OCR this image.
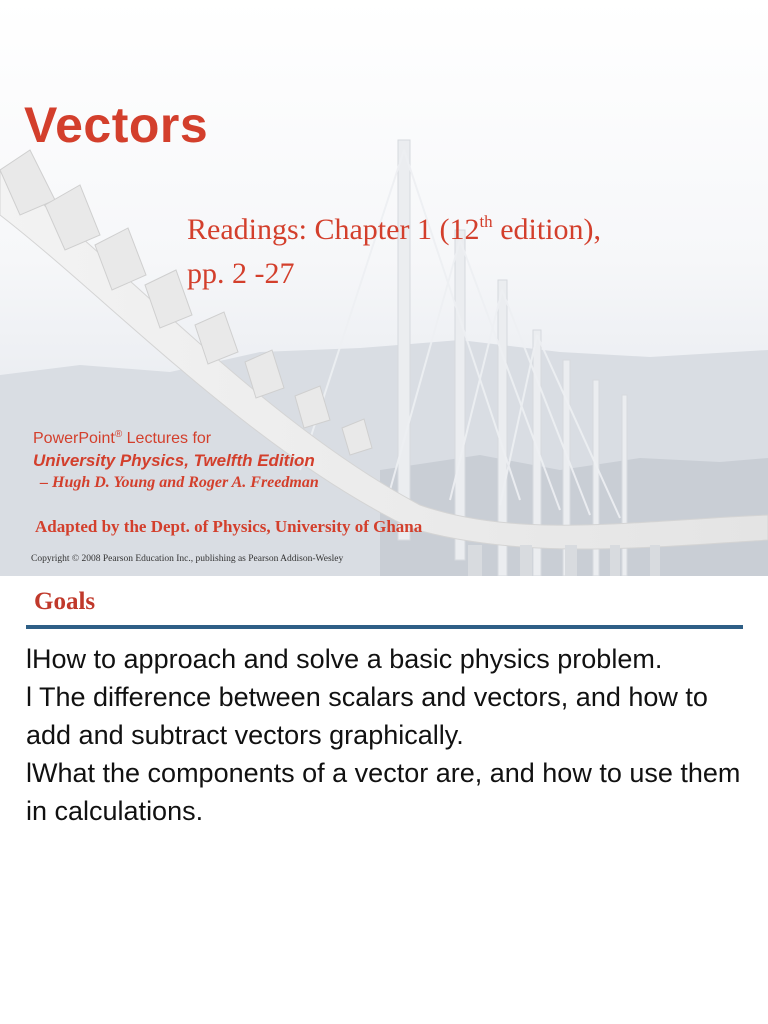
Vectors
Readings: Chapter 1 (12th edition),
pp. 2 -27
PowerPoint® Lectures for
University Physics, Twelfth Edition
– Hugh D. Young and Roger A. Freedman
Adapted by the Dept. of Physics, University of Ghana
Copyright © 2008 Pearson Education Inc., publishing as Pearson Addison-Wesley
Goals
lHow to approach and solve a basic physics problem.
l The difference between scalars and vectors, and how to add and subtract vectors graphically.
lWhat the components of a vector are, and how to use them in calculations.
